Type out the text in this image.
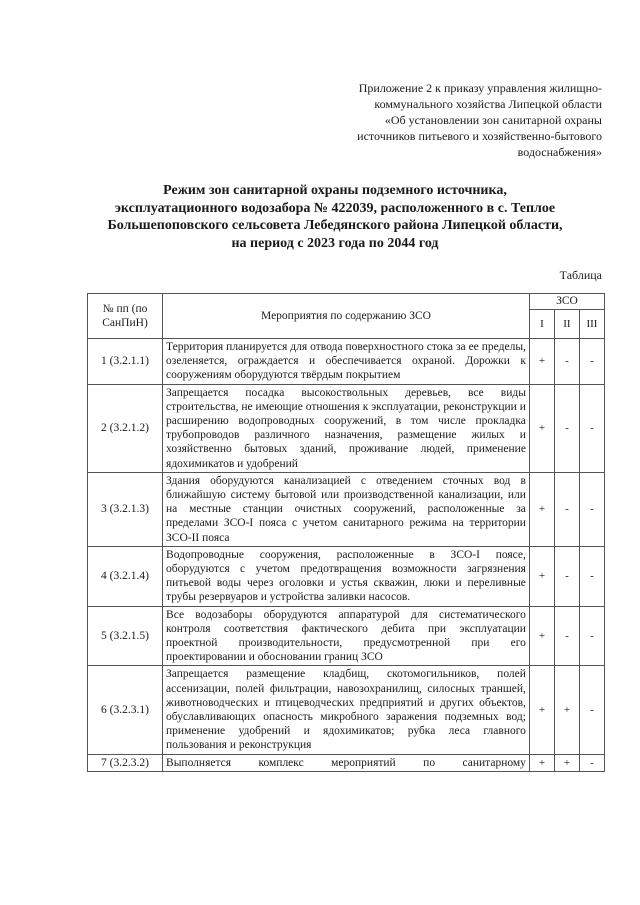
Приложение 2 к приказу управления жилищно-
коммунального хозяйства Липецкой области
«Об установлении зон санитарной охраны
источников питьевого и хозяйственно-бытового
водоснабжения»
Режим зон санитарной охраны подземного источника,
эксплуатационного водозабора № 422039, расположенного в с. Теплое
Большепоповского сельсовета Лебедянского района Липецкой области,
на период с 2023 года по 2044 год
Таблица
№ пп (по СанПиН)	Мероприятия по содержанию ЗСО	ЗСО		
		I	II	III
1 (3.2.1.1)	Территория планируется для отвода поверхностного стока за ее пределы, озеленяется, ограждается и обеспечивается охраной. Дорожки к сооружениям оборудуются твёрдым покрытием	+	-	-
2 (3.2.1.2)	Запрещается посадка высокоствольных деревьев, все виды строительства, не имеющие отношения к эксплуатации, реконструкции и расширению водопроводных сооружений, в том числе прокладка трубопроводов различного назначения, размещение жилых и хозяйственно бытовых зданий, проживание людей, применение ядохимикатов и удобрений	+	-	-
3 (3.2.1.3)	Здания оборудуются канализацией с отведением сточных вод в ближайшую систему бытовой или производственной канализации, или на местные станции очистных сооружений, расположенные за пределами ЗСО-I пояса с учетом санитарного режима на территории ЗСО-II пояса	+	-	-
4 (3.2.1.4)	Водопроводные сооружения, расположенные в ЗСО-I поясе, оборудуются с учетом предотвращения возможности загрязнения питьевой воды через оголовки и устья скважин, люки и переливные трубы резервуаров и устройства заливки насосов.	+	-	-
5 (3.2.1.5)	Все водозаборы оборудуются аппаратурой для систематического контроля соответствия фактического дебита при эксплуатации проектной производительности, предусмотренной при его проектировании и обосновании границ ЗСО	+	-	-
6 (3.2.3.1)	Запрещается размещение кладбищ, скотомогильников, полей ассенизации, полей фильтрации, навозохранилищ, силосных траншей, животноводческих и птицеводческих предприятий и других объектов, обуславливающих опасность микробного заражения подземных вод; применение удобрений и ядохимикатов; рубка леса главного пользования и реконструкция	+	+	-
7 (3.2.3.2)	Выполняется комплекс мероприятий по санитарному	+	+	-
